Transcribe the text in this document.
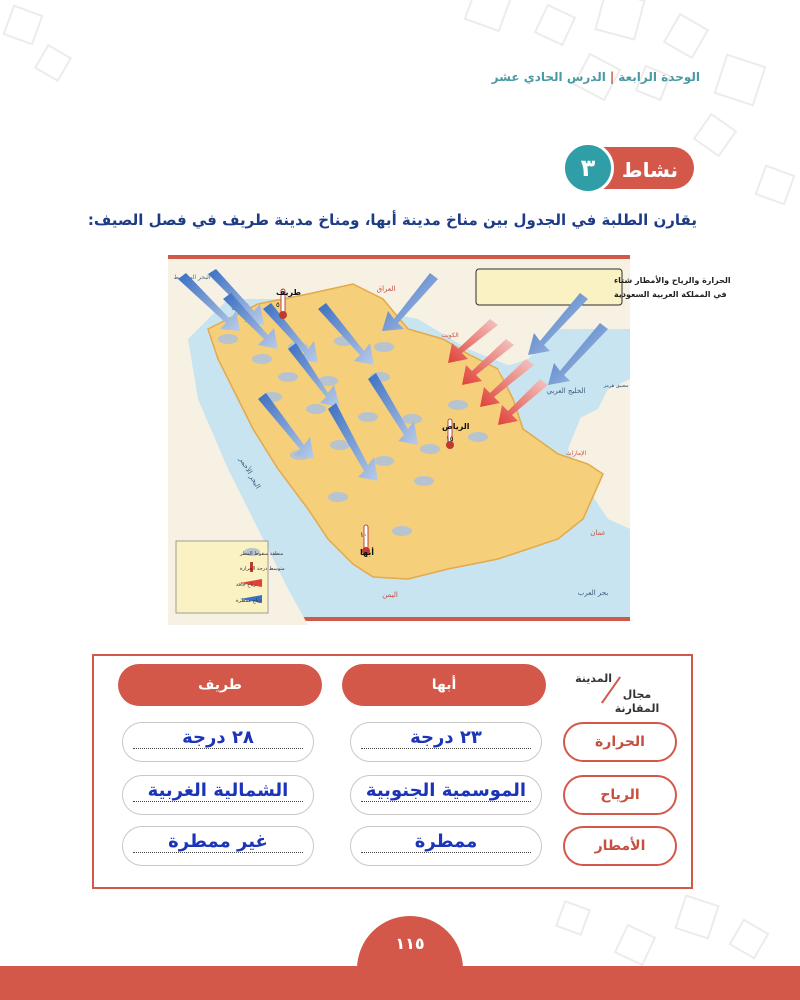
الوحدة الرابعة|الدرس الحادي عشر
نشاط
٣
يقارن الطلبة في الجدول بين مناخ مدينة أبها، ومناخ مدينة طريف في فصل الصيف:
الحرارة والرياح والأمطار شتاء
في المملكة العربية السعودية
البحر المتوسط
العراق
الكويت
الخليج العربي
مضيق هرمز
الإمارات
عمان
اليمن	بحر العرب
البحر الأحمر
منطقة سقوط المطر
متوسط درجة الحرارة
رياح جافة
رياح ممطرة
طريف
٥
الرياض
١٥
أبها
١٠
المدينة
مجال المقارنة
أبها
طريف
الحرارة
٢٣ درجة
٢٨ درجة
الرياح
الموسمية الجنوبية
الشمالية الغربية
الأمطار
ممطرة
غير ممطرة
١١٥
